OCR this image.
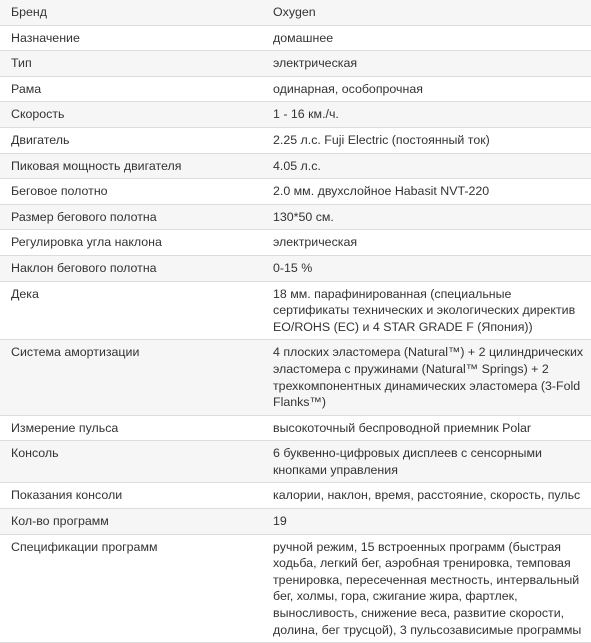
Бренд	Oxygen
Назначение	домашнее
Тип	электрическая
Рама	одинарная, особопрочная
Скорость	1 - 16 км./ч.
Двигатель	2.25 л.с. Fuji Electric (постоянный ток)
Пиковая мощность двигателя	4.05 л.с.
Беговое полотно	2.0 мм. двухслойное Habasit NVT-220
Размер бегового полотна	130*50 см.
Регулировка угла наклона	электрическая
Наклон бегового полотна	0-15 %
Дека	18 мм. парафинированная (специальные сертификаты технических и экологических директив EO/ROHS (EC) и 4 STAR GRADE F (Япония))
Система амортизации	4 плоских эластомера (Natural™) + 2 цилиндрических эластомера с пружинами (Natural™ Springs) + 2 трехкомпонентных динамических эластомера (3-Fold Flanks™)
Измерение пульса	высокоточный беспроводной приемник Polar
Консоль	6 буквенно-цифровых дисплеев с сенсорными кнопками управления
Показания консоли	калории, наклон, время, расстояние, скорость, пульс
Кол-во программ	19
Спецификации программ	ручной режим, 15 встроенных программ (быстрая ходьба, легкий бег, аэробная тренировка, темповая тренировка, пересеченная местность, интервальный бег, холмы, гора, сжигание жира, фартлек, выносливость, снижение веса, развитие скорости, долина, бег трусцой), 3 пульсозависимые программы
